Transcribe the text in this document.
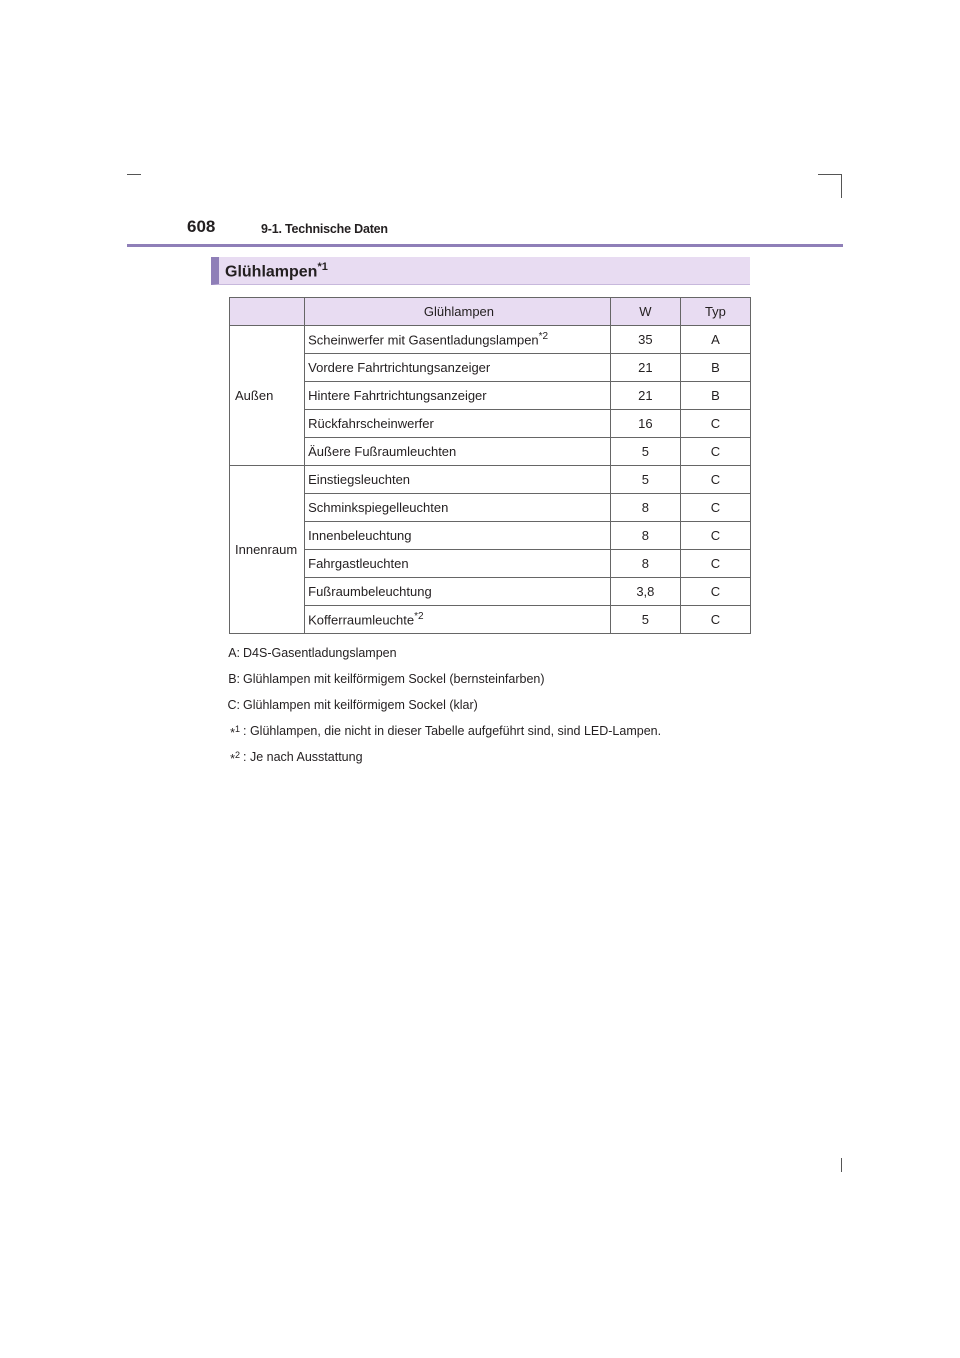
608	9-1. Technische Daten
Glühlampen$^{*1}$
	Glühlampen	W	Typ
Außen	Scheinwerfer mit Gasentladungslampen$^{*2}$	35	A
	Vordere Fahrtrichtungsanzeiger	21	B
	Hintere Fahrtrichtungsanzeiger	21	B
	Rückfahrscheinwerfer	16	C
	Äußere Fußraumleuchten	5	C
Innenraum	Einstiegsleuchten	5	C
	Schminkspiegelleuchten	8	C
	Innenbeleuchtung	8	C
	Fahrgastleuchten	8	C
	Fußraumbeleuchtung	3,8	C
	Kofferraumleuchte$^{*2}$	5	C
A: D4S-Gasentladungslampen
B: Glühlampen mit keilförmigem Sockel (bernsteinfarben)
C: Glühlampen mit keilförmigem Sockel (klar)
*$^1$ : Glühlampen, die nicht in dieser Tabelle aufgeführt sind, sind LED-Lampen.
*$^2$ : Je nach Ausstattung
